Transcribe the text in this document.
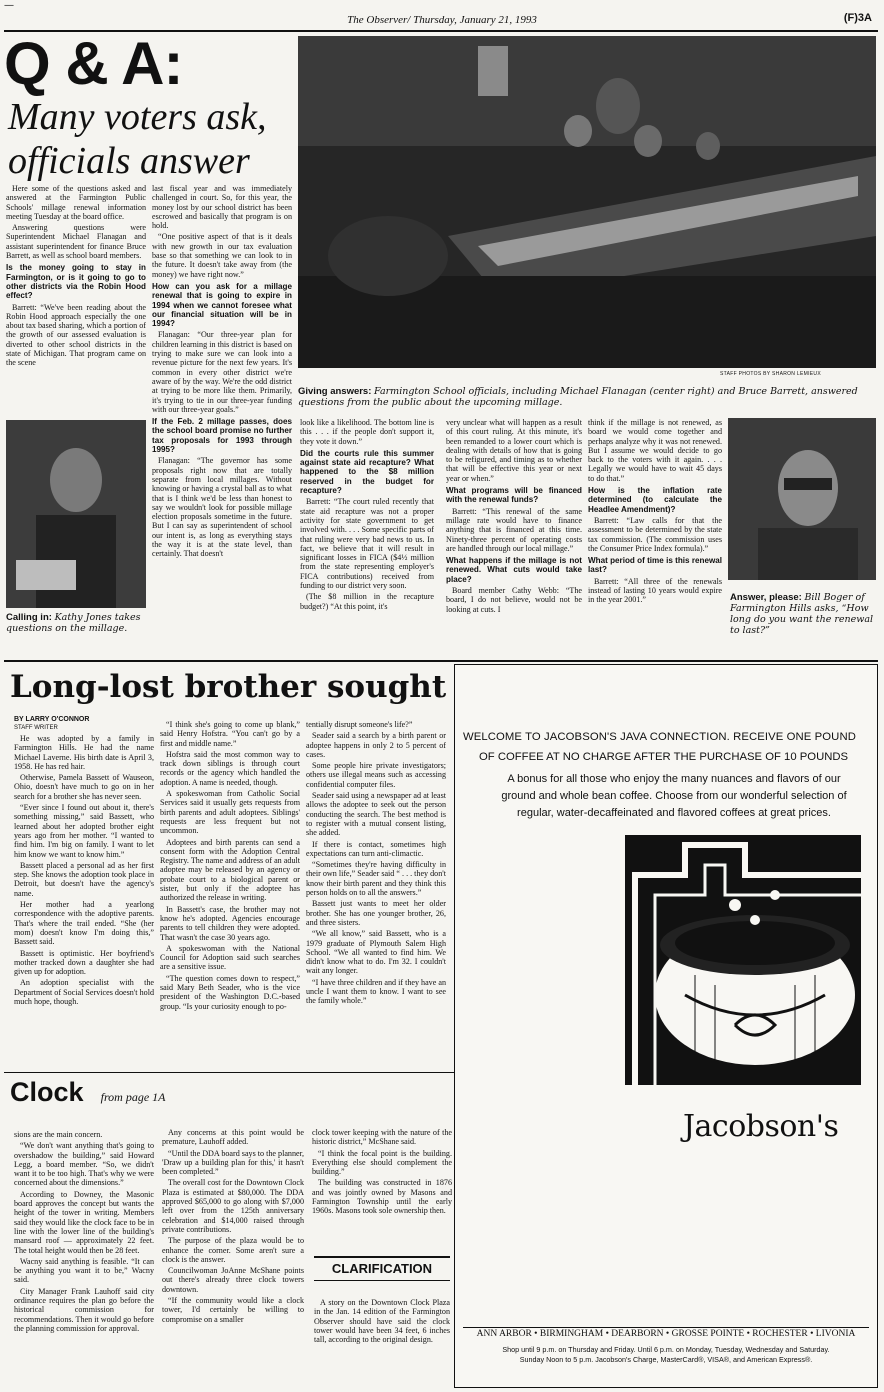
—
The Observer/ Thursday, January 21, 1993	(F)3A
Q & A:
Many voters ask,
officials answer
STAFF PHOTOS BY SHARON LEMIEUX
Giving answers: Farmington School officials, including Michael Flanagan (center right) and Bruce Barrett, answered questions from the public about the upcoming millage.

Here some of the questions asked and answered at the Farmington Public Schools' millage renewal information meeting Tuesday at the board office.

Answering questions were Superintendent Michael Flanagan and assistant superintendent for finance Bruce Barrett, as well as school board members.

Is the money going to stay in Farmington, or is it going to go to other districts via the Robin Hood effect?

Barrett: “We've been reading about the Robin Hood approach especially the one about tax based sharing, which a portion of the growth of our assessed evaluation is diverted to other school districts in the state of Michigan. That program came on the scene

last fiscal year and was immediately challenged in court. So, for this year, the money lost by our school district has been escrowed and basically that program is on hold.

“One positive aspect of that is it deals with new growth in our tax evaluation base so that something we can look to in the future. It doesn't take away from (the money) we have right now.”

How can you ask for a millage renewal that is going to expire in 1994 when we cannot foresee what our financial situation will be in 1994?

Flanagan: “Our three-year plan for children learning in this district is based on trying to make sure we can look into a revenue picture for the next few years. It's common in every other district we're aware of by the way. We're the odd district at trying to be more like them. Primarily, it's trying to tie in our three-year funding with our three-year goals.”

If the Feb. 2 millage passes, does the school board promise no further tax proposals for 1993 through 1995?

Flanagan: “The governor has some proposals right now that are totally separate from local millages. Without knowing or having a crystal ball as to what that is I think we'd be less than honest to say we wouldn't look for possible millage election proposals sometime in the future. But I can say as superintendent of school our intent is, as long as everything stays the way it is at the state level, than certainly. That doesn't

Calling in: Kathy Jones takes questions on the millage.

look like a likelihood. The bottom line is this . . . if the people don't support it, they vote it down.”

Did the courts rule this summer against state aid recapture? What happened to the $8 million reserved in the budget for recapture?

Barrett: “The court ruled recently that state aid recapture was not a proper activity for state government to get involved with. . . . Some specific parts of that ruling were very bad news to us. In fact, we believe that it will result in significant losses in FICA ($4½ million from the state representing employer's FICA contributions) received from funding to our district very soon.

(The $8 million in the recapture budget?) “At this point, it's

very unclear what will happen as a result of this court ruling. At this minute, it's been remanded to a lower court which is dealing with details of how that is going to be refigured, and timing as to whether that will be effective this year or next year or when.”

What programs will be financed with the renewal funds?

Barrett: “This renewal of the same millage rate would have to finance anything that is financed at this time. Ninety-three percent of operating costs are handled through our local millage.”

What happens if the millage is not renewed. What cuts would take place?

Board member Cathy Webb: “The board, I do not believe, would not be looking at cuts. I

think if the millage is not renewed, as board we would come together and perhaps analyze why it was not renewed. But I assume we would decide to go back to the voters with it again. . . . Legally we would have to wait 45 days to do that.”

How is the inflation rate determined (to calculate the Headlee Amendment)?

Barrett: “Law calls for that the assessment to be determined by the state tax commission. (The commission uses the Consumer Price Index formula).”

What period of time is this renewal last?

Barrett: “All three of the renewals instead of lasting 10 years would expire in the year 2001.”	Answer, please: Bill Boger of Farmington Hills asks, “How long do you want the renewal to last?”
Long-lost brother sought
BY LARRY O'CONNOR
STAFF WRITER

He was adopted by a family in Farmington Hills. He had the name Michael Laverne. His birth date is April 3, 1958. He has red hair.

Otherwise, Pamela Bassett of Wauseon, Ohio, doesn't have much to go on in her search for a brother she has never seen.

“Ever since I found out about it, there's something missing,” said Bassett, who learned about her adopted brother eight years ago from her mother. “I wanted to find him. I'm big on family. I want to let him know we want to know him.”

Bassett placed a personal ad as her first step. She knows the adoption took place in Detroit, but doesn't have the agency's name.

Her mother had a yearlong correspondence with the adoptive parents. That's where the trail ended. “She (her mom) doesn't know I'm doing this,” Bassett said.

Bassett is optimistic. Her boyfriend's mother tracked down a daughter she had given up for adoption.

An adoption specialist with the Department of Social Services doesn't hold much hope, though.

“I think she's going to come up blank,” said Henry Hofstra. “You can't go by a first and middle name.”

Hofstra said the most common way to track down siblings is through court records or the agency which handled the adoption. A name is needed, though.

A spokeswoman from Catholic Social Services said it usually gets requests from birth parents and adult adoptees. Siblings' requests are less frequent but not uncommon.

Adoptees and birth parents can send a consent form with the Adoption Central Registry. The name and address of an adult adoptee may be released by an agency or probate court to a biological parent or sister, but only if the adoptee has authorized the release in writing.

In Bassett's case, the brother may not know he's adopted. Agencies encourage parents to tell children they were adopted. That wasn't the case 30 years ago.

A spokeswoman with the National Council for Adoption said such searches are a sensitive issue.

“The question comes down to respect,” said Mary Beth Seader, who is the vice president of the Washington D.C.-based group. “Is your curiosity enough to po-

tentially disrupt someone's life?”

Seader said a search by a birth parent or adoptee happens in only 2 to 5 percent of cases.

Some people hire private investigators; others use illegal means such as accessing confidential computer files.

Seader said using a newspaper ad at least allows the adoptee to seek out the person conducting the search. The best method is to register with a mutual consent listing, she added.

If there is contact, sometimes high expectations can turn anti-climactic.

“Sometimes they're having difficulty in their own life,” Seader said “ . . . they don't know their birth parent and they think this person holds on to all the answers.”

Bassett just wants to meet her older brother. She has one younger brother, 26, and three sisters.

“We all know,” said Bassett, who is a 1979 graduate of Plymouth Salem High School. “We all wanted to find him. We didn't know what to do. I'm 32. I couldn't wait any longer.

“I have three children and if they have an uncle I want them to know. I want to see the family whole.”

Clock from page 1A

sions are the main concern.

“We don't want anything that's going to overshadow the building,” said Howard Legg, a board member. “So, we didn't want it to be too high. That's why we were concerned about the dimensions.”

According to Downey, the Masonic board approves the concept but wants the height of the tower in writing. Members said they would like the clock face to be in line with the lower line of the building's mansard roof — approximately 22 feet. The total height would then be 28 feet.

Wacny said anything is feasible. “It can be anything you want it to be,” Wacny said.

City Manager Frank Lauhoff said city ordinance requires the plan go before the historical commission for recommendations. Then it would go before the planning commission for approval.

Any concerns at this point would be premature, Lauhoff added.

“Until the DDA board says to the planner, 'Draw up a building plan for this,' it hasn't been completed.”

The overall cost for the Downtown Clock Plaza is estimated at $80,000. The DDA approved $65,000 to go along with $7,000 left over from the 125th anniversary celebration and $14,000 raised through private contributions.

The purpose of the plaza would be to enhance the corner. Some aren't sure a clock is the answer.

Councilwoman JoAnne McShane points out there's already three clock towers downtown.

“If the community would like a clock tower, I'd certainly be willing to compromise on a smaller

clock tower keeping with the nature of the historic district,” McShane said.

“I think the focal point is the building. Everything else should complement the building.”

The building was constructed in 1876 and was jointly owned by Masons and Farmington Township until the early 1960s. Masons took sole ownership then.

CLARIFICATION

A story on the Downtown Clock Plaza in the Jan. 14 edition of the Farmington Observer should have said the clock tower would have been 34 feet, 6 inches tall, according to the original design.

WELCOME TO JACOBSON'S JAVA CONNECTION. RECEIVE ONE POUND
OF COFFEE AT NO CHARGE AFTER THE PURCHASE OF 10 POUNDS
A bonus for all those who enjoy the many nuances and flavors of our ground and whole bean coffee. Choose from our wonderful selection of regular, water-decaffeinated and flavored coffees at great prices.
Jacobson's
ANN ARBOR • BIRMINGHAM • DEARBORN • GROSSE POINTE • ROCHESTER • LIVONIA
Shop until 9 p.m. on Thursday and Friday. Until 6 p.m. on Monday, Tuesday, Wednesday and Saturday.
Sunday Noon to 5 p.m. Jacobson's Charge, MasterCard®, VISA®, and American Express®.
